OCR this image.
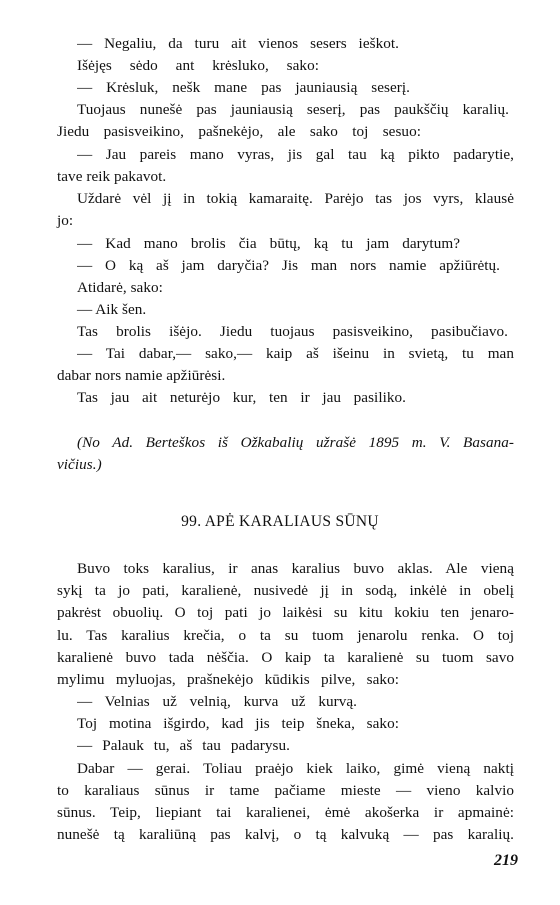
— Negaliu, da turu ait vienos sesers ieškot.
Išėjęs sėdo ant krėsluko, sako:
— Krėsluk, nešk mane pas jauniausią seserį.
Tuojaus nunešė pas jauniausią seserį, pas paukščių karalių.
Jiedu pasisveikino, pašnekėjo, ale sako toj sesuo:
— Jau pareis mano vyras, jis gal tau ką pikto padarytie,
tave reik pakavot.
Uždarė vėl jį in tokią kamaraitę. Parėjo tas jos vyrs, klausė
jo:
— Kad mano brolis čia būtų, ką tu jam darytum?
— O ką aš jam daryčia? Jis man nors namie apžiūrėtų.
Atidarė, sako:
— Aik šen.
Tas brolis išėjo. Jiedu tuojaus pasisveikino, pasibučiavo.
— Tai dabar,— sako,— kaip aš išeinu in svietą, tu man
dabar nors namie apžiūrėsi.
Tas jau ait neturėjo kur, ten ir jau pasiliko.
(No Ad. Berteškos iš Ožkabalių užrašė 1895 m. V. Basana-
vičius.)
99. APĖ KARALIAUS SŪNŲ
Buvo toks karalius, ir anas karalius buvo aklas. Ale vieną
sykį ta jo pati, karalienė, nusivedė jį in sodą, inkėlė in obelį
pakrėst obuolių. O toj pati jo laikėsi su kitu kokiu ten jenaro-
lu. Tas karalius krečia, o ta su tuom jenarolu renka. O toj
karalienė buvo tada nėščia. O kaip ta karalienė su tuom savo
mylimu myluojas, prašnekėjo kūdikis pilve, sako:
— Velnias už velnią, kurva už kurvą.
Toj motina išgirdo, kad jis teip šneka, sako:
— Palauk tu, aš tau padarysu.
Dabar — gerai. Toliau praėjo kiek laiko, gimė vieną naktį
to karaliaus sūnus ir tame pačiame mieste — vieno kalvio
sūnus. Teip, liepiant tai karalienei, ėmė akošerka ir apmainė:
nunešė tą karaliūną pas kalvį, o tą kalvuką — pas karalių.
219
